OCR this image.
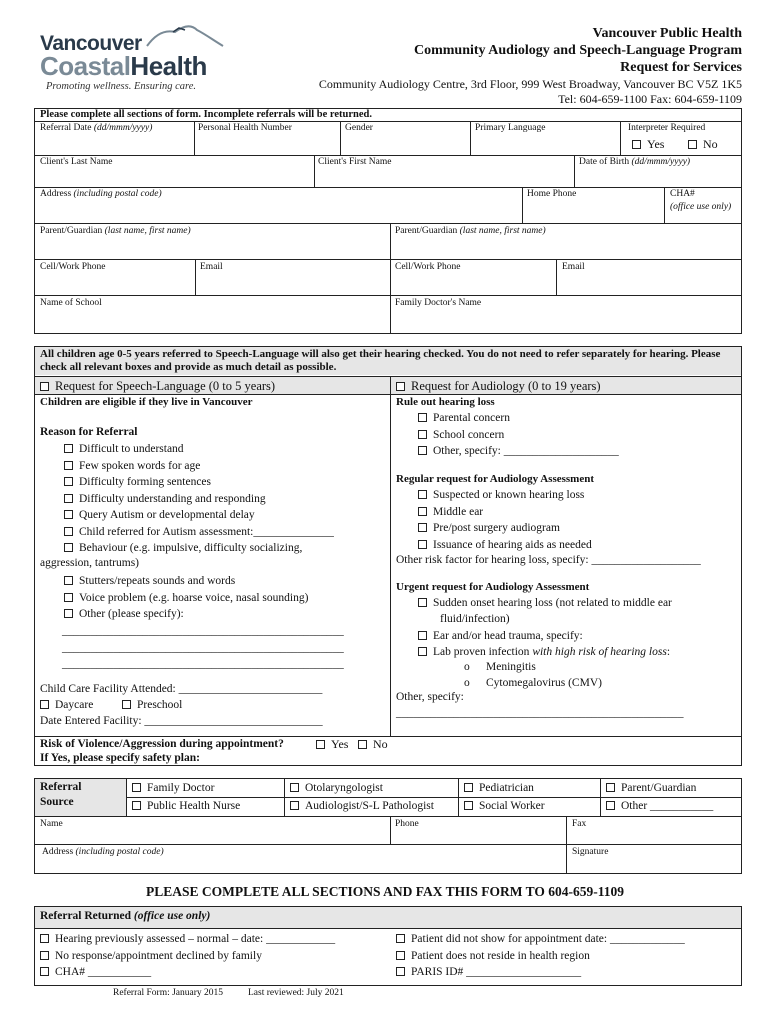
Vancouver
CoastalHealth
Promoting wellness. Ensuring care.
Vancouver Public Health
Community Audiology and Speech-Language Program
Request for Services
Community Audiology Centre, 3rd Floor, 999 West Broadway, Vancouver BC V5Z 1K5
Tel: 604-659-1100 Fax: 604-659-1109
Please complete all sections of form. Incomplete referrals will be returned.
Referral Date (dd/mmm/yyyy)	Personal Health Number	Gender	Primary Language	Interpreter Required
Yes	No
Client's Last Name	Client's First Name	Date of Birth (dd/mmm/yyyy)
Address (including postal code)	Home Phone	CHA#
(office use only)
Parent/Guardian (last name, first name)	Parent/Guardian (last name, first name)
Cell/Work Phone	Email	Cell/Work Phone	Email
Name of School	Family Doctor's Name
All children age 0-5 years referred to Speech-Language will also get their hearing checked. You do not need to refer separately for hearing. Please check all relevant boxes and provide as much detail as possible.
Request for Speech-Language (0 to 5 years)	Request for Audiology (0 to 19 years)
Children are eligible if they live in Vancouver
Reason for Referral
Difficult to understand
Few spoken words for age
Difficulty forming sentences
Difficulty understanding and responding
Query Autism or developmental delay
Child referred for Autism assessment:______________
Behaviour (e.g. impulsive, difficulty socializing,
aggression, tantrums)
Stutters/repeats sounds and words
Voice problem (e.g. hoarse voice, nasal sounding)
Other (please specify):
_________________________________________________
_________________________________________________
_________________________________________________
Child Care Facility Attended: _________________________
Daycare	Preschool
Date Entered Facility: _______________________________
Rule out hearing loss
Parental concern
School concern
Other, specify: ____________________
Regular request for Audiology Assessment
Suspected or known hearing loss
Middle ear
Pre/post surgery audiogram
Issuance of hearing aids as needed
Other risk factor for hearing loss, specify: ___________________
Urgent request for Audiology Assessment
Sudden onset hearing loss (not related to middle ear
fluid/infection)
Ear and/or head trauma, specify:
Lab proven infection with high risk of hearing loss:
o Meningitis
o Cytomegalovirus (CMV)
Other, specify:
__________________________________________________
Risk of Violence/Aggression during appointment?	Yes	No
If Yes, please specify safety plan:
Referral
Source
Family Doctor	Otolaryngologist	Pediatrician	Parent/Guardian
Public Health Nurse	Audiologist/S-L Pathologist	Social Worker	Other ___________
Name	Phone	Fax
Address (including postal code)	Signature
PLEASE COMPLETE ALL SECTIONS AND FAX THIS FORM TO 604-659-1109
Referral Returned (office use only)
Hearing previously assessed – normal – date: ____________
No response/appointment declined by family
CHA# ___________
Patient did not show for appointment date: _____________
Patient does not reside in health region
PARIS ID# ____________________
Referral Form: January 2015	Last reviewed: July 2021
